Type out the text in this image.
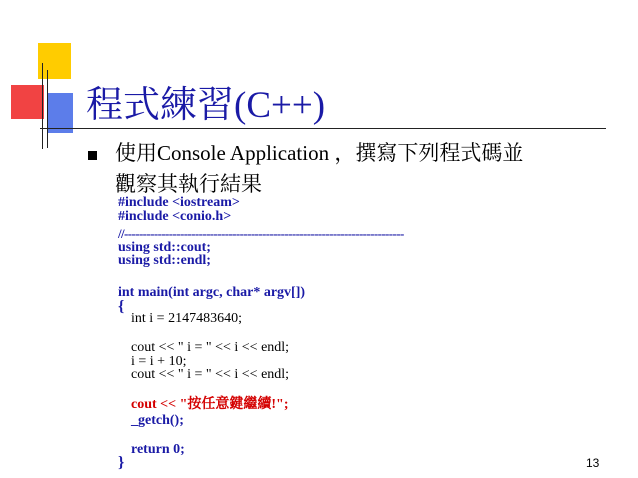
程式練習(C++)
使用Console Application ，撰寫下列程式碼並
觀察其執行結果
#include <iostream>
#include <conio.h>
//---------------------------------------------------------------------------
using std::cout;
using std::endl;
int main(int argc, char* argv[])
{
int i = 2147483640;
cout << " i = " << i << endl;
i = i + 10;
cout << " i = " << i << endl;
cout << "按任意鍵繼續!";
_getch();
return 0;
}	13
